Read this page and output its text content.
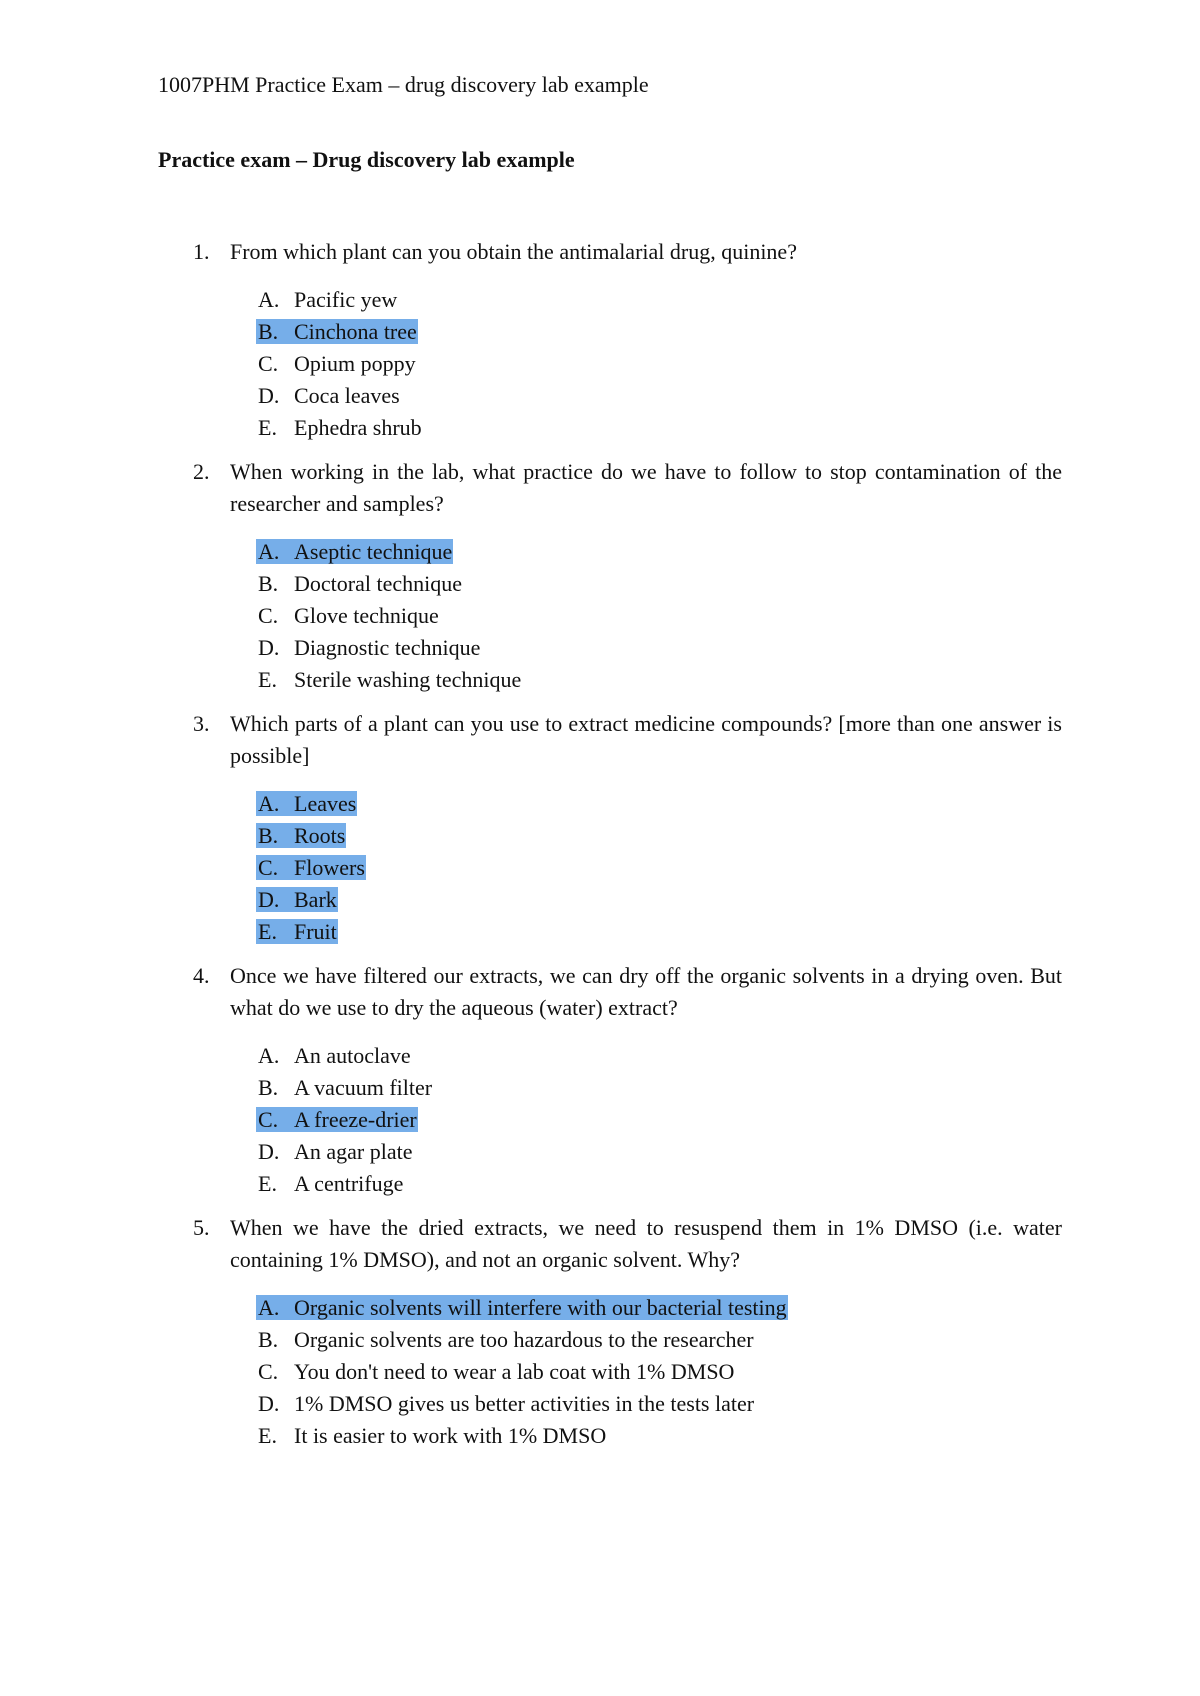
1007PHM Practice Exam – drug discovery lab example
Practice exam – Drug discovery lab example
1. From which plant can you obtain the antimalarial drug, quinine?
A. Pacific yew
B. Cinchona tree
C. Opium poppy
D. Coca leaves
E. Ephedra shrub
2. When working in the lab, what practice do we have to follow to stop contamination of the researcher and samples?
A. Aseptic technique
B. Doctoral technique
C. Glove technique
D. Diagnostic technique
E. Sterile washing technique
3. Which parts of a plant can you use to extract medicine compounds? [more than one answer is possible]
A. Leaves
B. Roots
C. Flowers
D. Bark
E. Fruit
4. Once we have filtered our extracts, we can dry off the organic solvents in a drying oven. But what do we use to dry the aqueous (water) extract?
A. An autoclave
B. A vacuum filter
C. A freeze-drier
D. An agar plate
E. A centrifuge
5. When we have the dried extracts, we need to resuspend them in 1% DMSO (i.e. water containing 1% DMSO), and not an organic solvent. Why?
A. Organic solvents will interfere with our bacterial testing
B. Organic solvents are too hazardous to the researcher
C. You don't need to wear a lab coat with 1% DMSO
D. 1% DMSO gives us better activities in the tests later
E. It is easier to work with 1% DMSO
